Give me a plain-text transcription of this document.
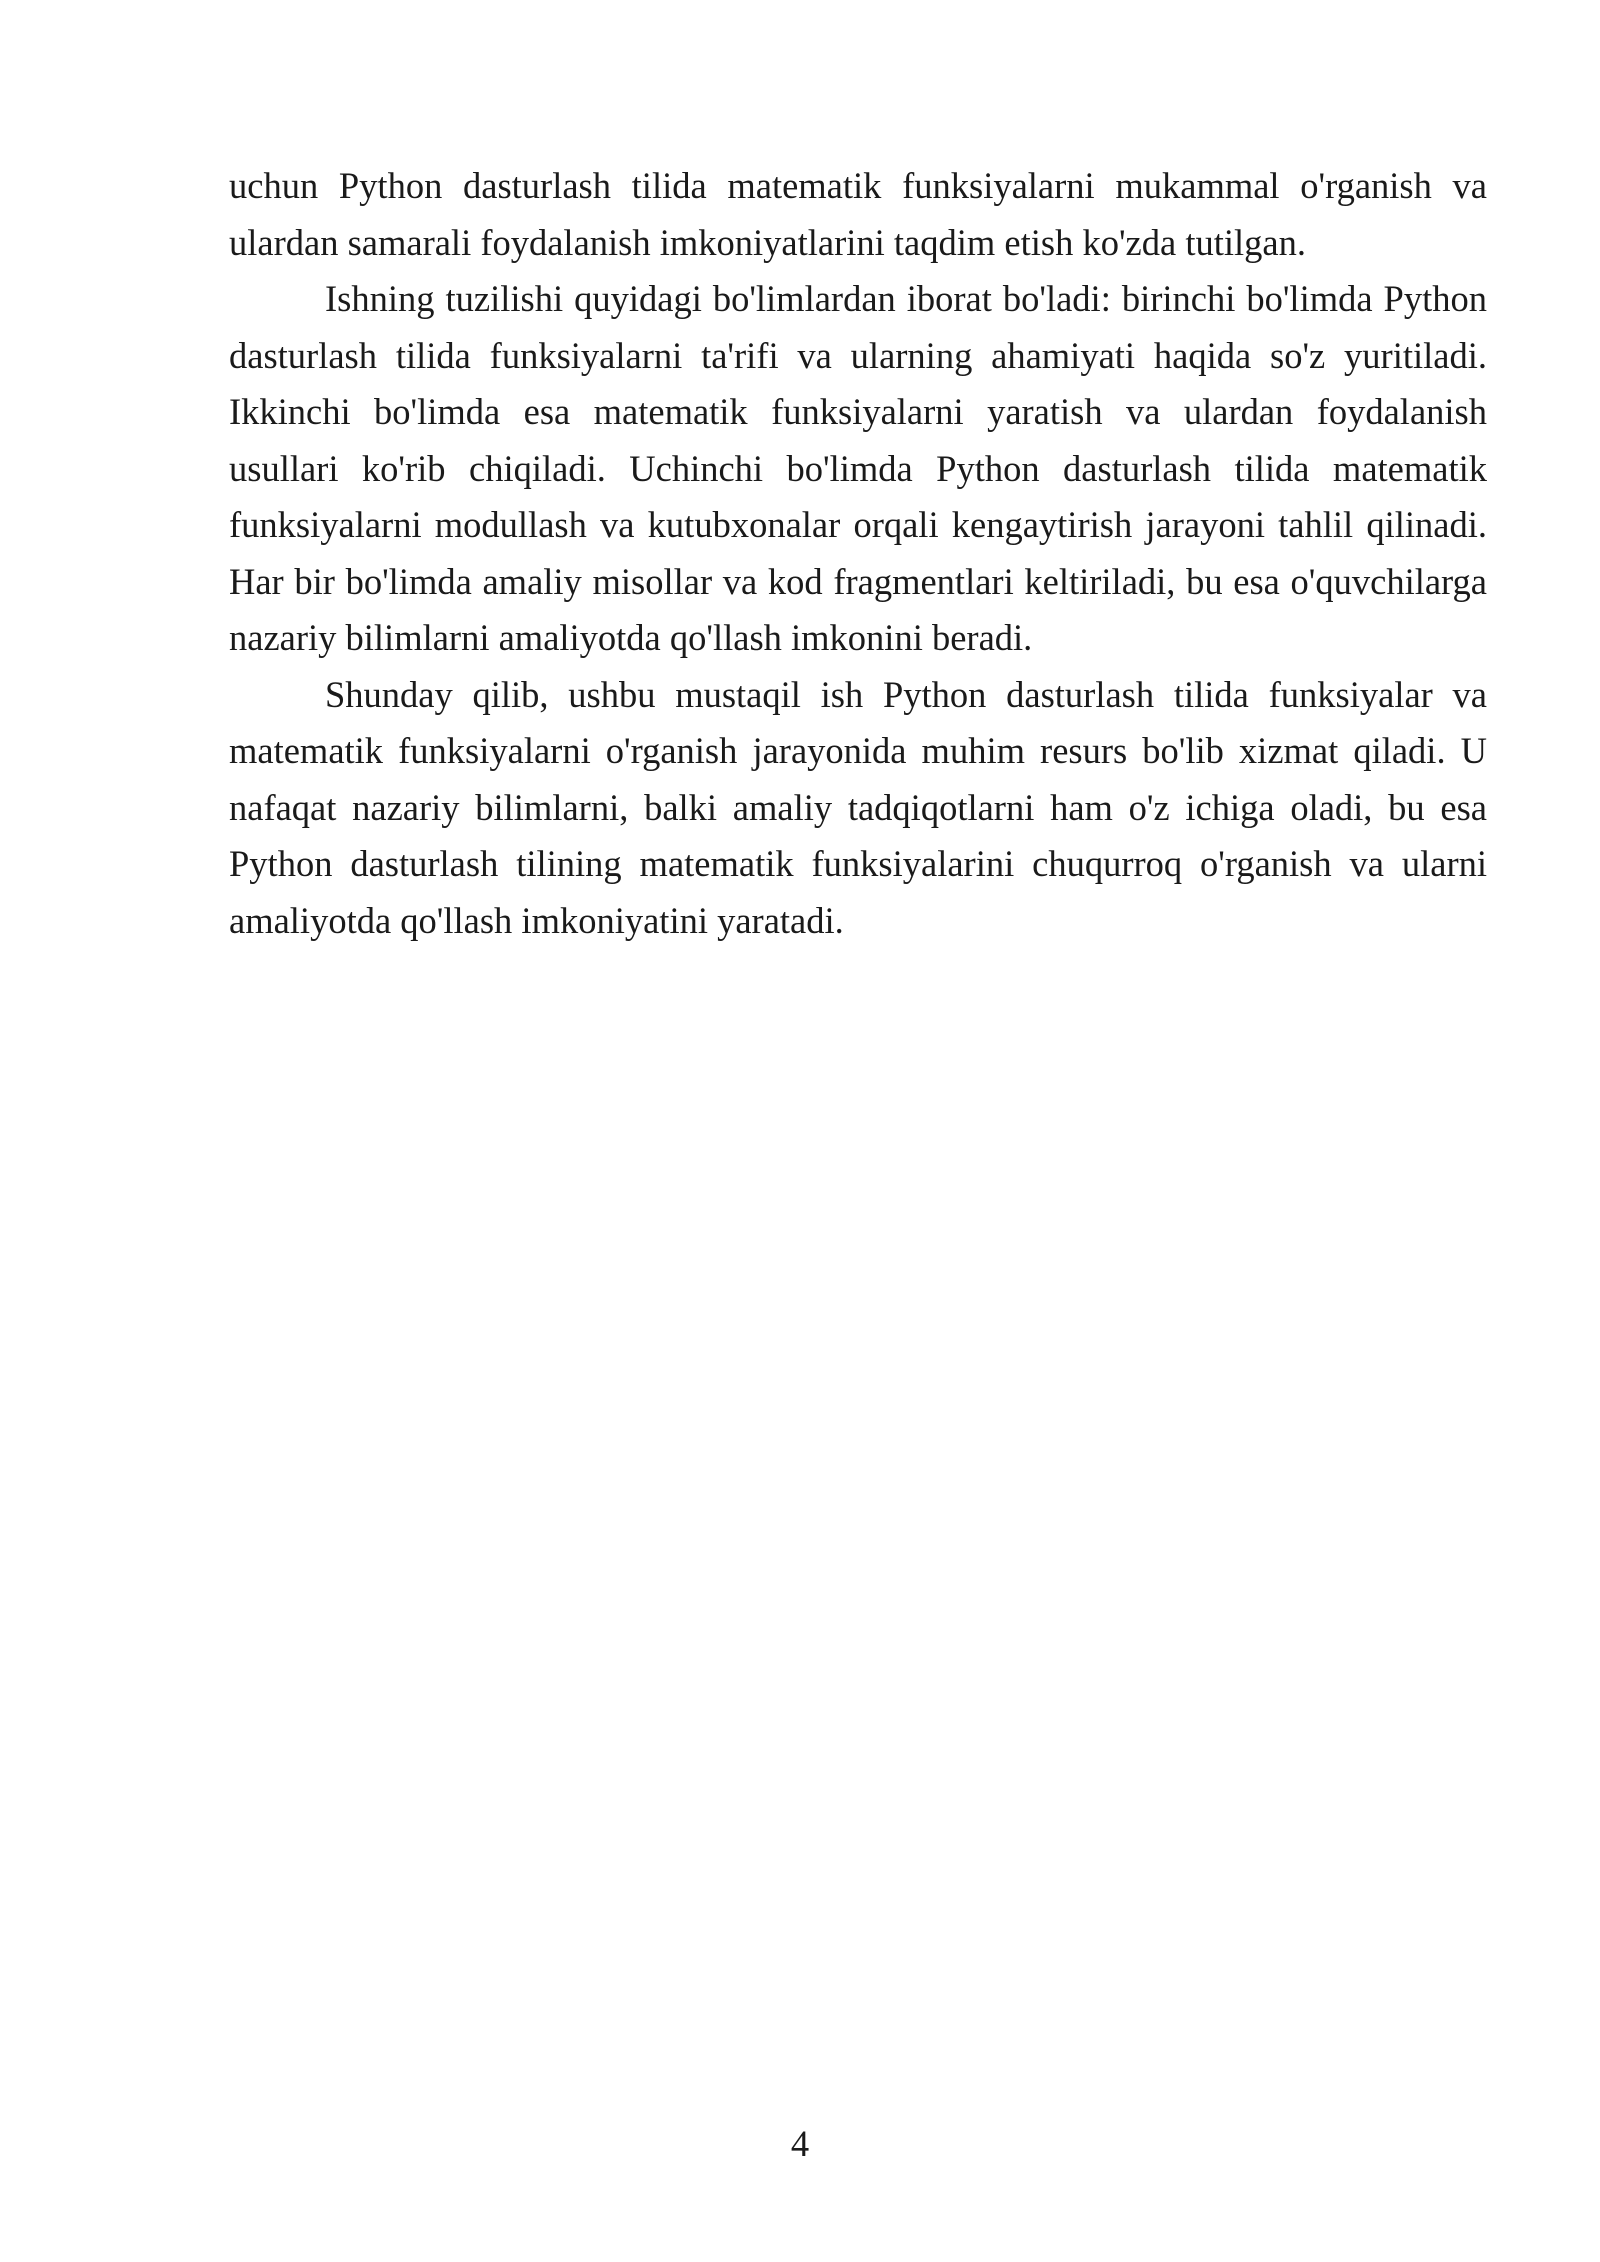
uchun Python dasturlash tilida matematik funksiyalarni mukammal o'rganish va ulardan samarali foydalanish imkoniyatlarini taqdim etish ko'zda tutilgan.

Ishning tuzilishi quyidagi bo'limlardan iborat bo'ladi: birinchi bo'limda Python dasturlash tilida funksiyalarni ta'rifi va ularning ahamiyati haqida so'z yuritiladi. Ikkinchi bo'limda esa matematik funksiyalarni yaratish va ulardan foydalanish usullari ko'rib chiqiladi. Uchinchi bo'limda Python dasturlash tilida matematik funksiyalarni modullash va kutubxonalar orqali kengaytirish jarayoni tahlil qilinadi. Har bir bo'limda amaliy misollar va kod fragmentlari keltiriladi, bu esa o'quvchilarga nazariy bilimlarni amaliyotda qo'llash imkonini beradi.

Shunday qilib, ushbu mustaqil ish Python dasturlash tilida funksiyalar va matematik funksiyalarni o'rganish jarayonida muhim resurs bo'lib xizmat qiladi. U nafaqat nazariy bilimlarni, balki amaliy tadqiqotlarni ham o'z ichiga oladi, bu esa Python dasturlash tilining matematik funksiyalarini chuqurroq o'rganish va ularni amaliyotda qo'llash imkoniyatini yaratadi.

4
